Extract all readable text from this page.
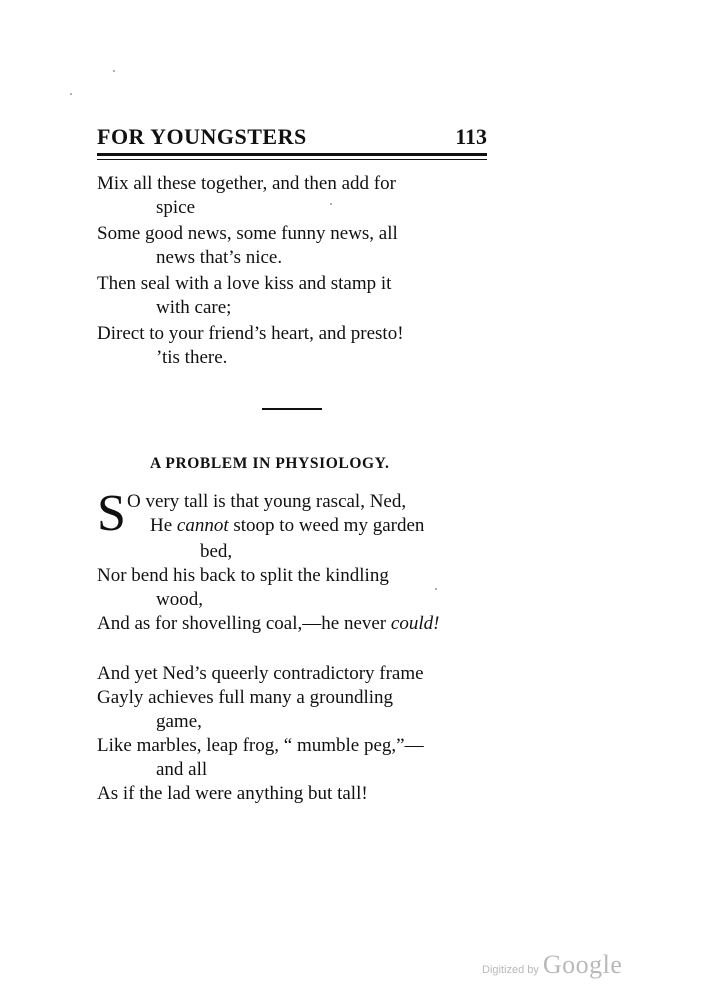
FOR YOUNGSTERS	113
Mix all these together, and then add for
spice
Some good news, some funny news, all
news that’s nice.
Then seal with a love kiss and stamp it
with care;
Direct to your friend’s heart, and presto!
’tis there.
A PROBLEM IN PHYSIOLOGY.
S O very tall is that young rascal, Ned,
He cannot stoop to weed my garden
bed,
Nor bend his back to split the kindling
wood,
And as for shovelling coal,—he never could!
And yet Ned’s queerly contradictory frame
Gayly achieves full many a groundling
game,
Like marbles, leap frog, “ mumble peg,”—
and all
As if the lad were anything but tall!
Digitized by Google
